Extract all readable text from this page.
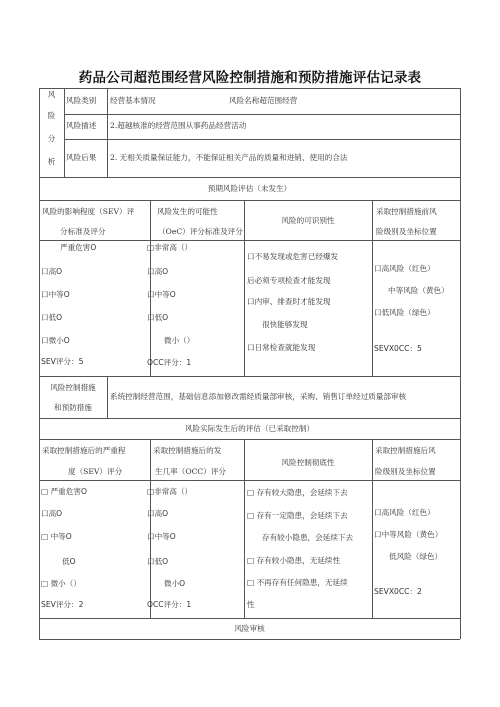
药品公司超范围经营风险控制措施和预防措施评估记录表
风
险
分
析
风险类别 经营基本情况	风险名称超范围经营
风险描述 2.超越核准的经营范围从事药品经营活动
风险后果 2. 无相关质量保证能力，不能保证相关产品的质量和进销、使用的合法
预期风险评估（未发生）
风险的影响程度（SEV）评
分标准及评分
风险发生的可能性
（OeC）评分标准及评分
风险的可识别性
采取控制措施前风
险级别及坐标位置
严重危害O
口高O
口中等O
口低O
口微小O
SEV评分：5
□非常高（）
口高O
口中等O
口低O
微小（）
OCC评分：1
口不易发现或危害已经爆发
后必须专项检查才能发现
口内审、排查时才能发现
很快能够发现
口日常检查就能发现
口高风险（红色）
中等风险（黄色）
口低风险（绿色）
SEVX0CC：5
风险控制措施
和预防措施
系统控制经营范围，基础信息添加修改需经质量部审核，采购、销售订单经过质量部审核
风险实际发生后的评估（已采取控制）
采取控制措施后的严重程
度（SEV）评分
采取控制措施后的发
生几率（OCC）评分
风险控制彻底性
采取控制措施后风
险级别及坐标位置
□ 严重危害O
口高O
□ 中等O
低O
□ 微小（）
SEV评分：2
□非常高（）
口高O
口中等O
口低O
微小O
OCC评分：1
□ 存有较大隐患，会延续下去
□ 存有一定隐患，会延续下去
存有较小隐患，会延续下去
□ 存有较小隐患，无延续性
□ 不再存有任何隐患，无延续
性
口高风险（红色）
口中等风险（黄色）
低风险（绿色）
SEVX0CC：2
风险审核
